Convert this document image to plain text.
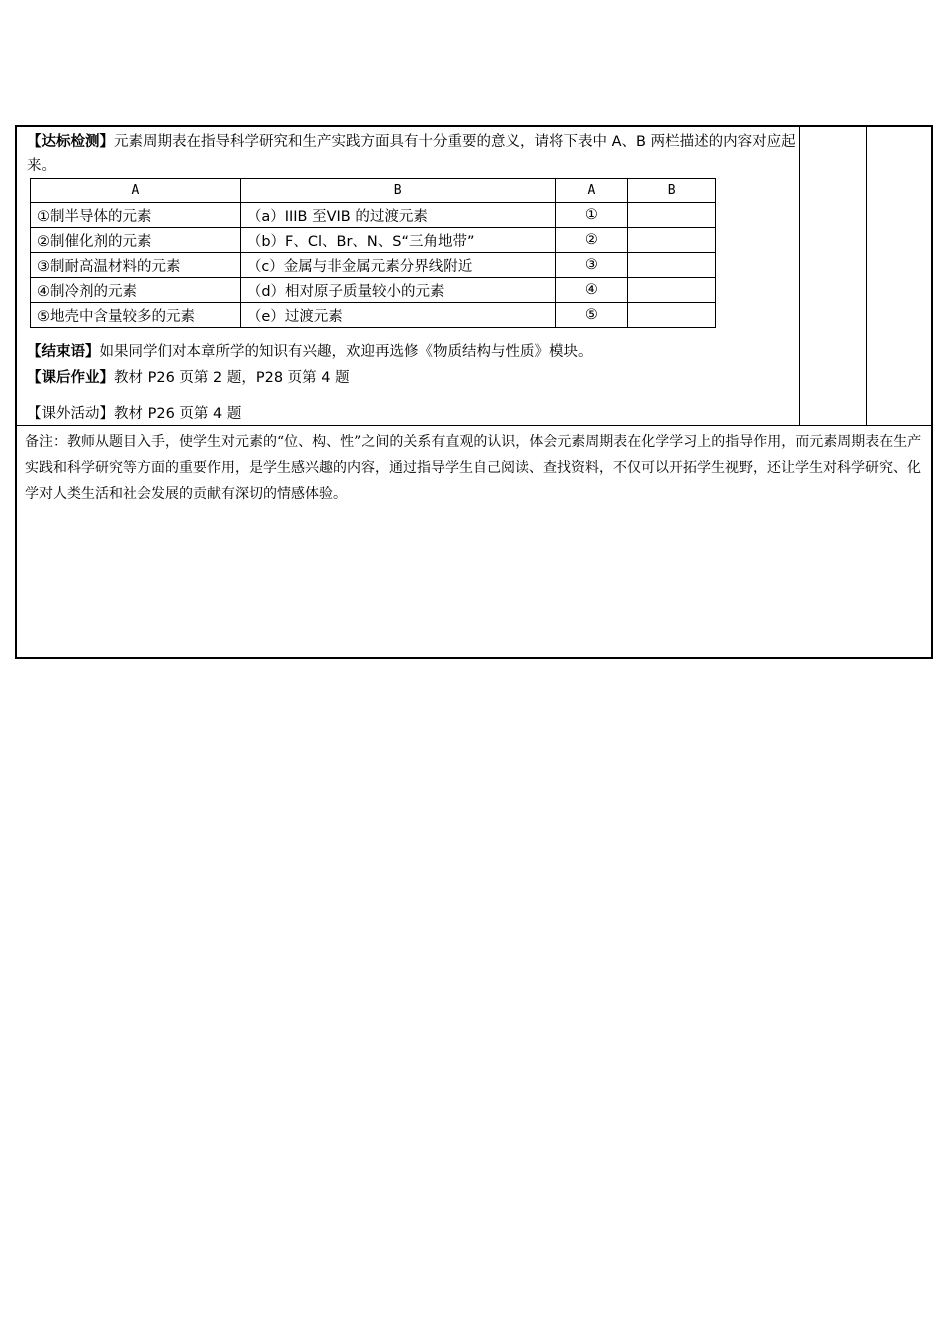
【达标检测】元素周期表在指导科学研究和生产实践方面具有十分重要的意义，请将下表中 A、B 两栏描述的内容对应起来。
A	B	A	B
①制半导体的元素	（a）IIIB 至VIB 的过渡元素	①	
②制催化剂的元素	（b）F、Cl、Br、N、S“三角地带”	②	
③制耐高温材料的元素	（c）金属与非金属元素分界线附近	③	
④制冷剂的元素	（d）相对原子质量较小的元素	④	
⑤地壳中含量较多的元素	（e）过渡元素	⑤	
【结束语】如果同学们对本章所学的知识有兴趣，欢迎再选修《物质结构与性质》模块。
【课后作业】教材 P26 页第 2 题，P28 页第 4 题
【课外活动】教材 P26 页第 4 题
备注：教师从题目入手，使学生对元素的“位、构、性”之间的关系有直观的认识，体会元素周期表在化学学习上的指导作用，而元素周期表在生产实践和科学研究等方面的重要作用，是学生感兴趣的内容，通过指导学生自己阅读、查找资料，不仅可以开拓学生视野，还让学生对科学研究、化学对人类生活和社会发展的贡献有深切的情感体验。
